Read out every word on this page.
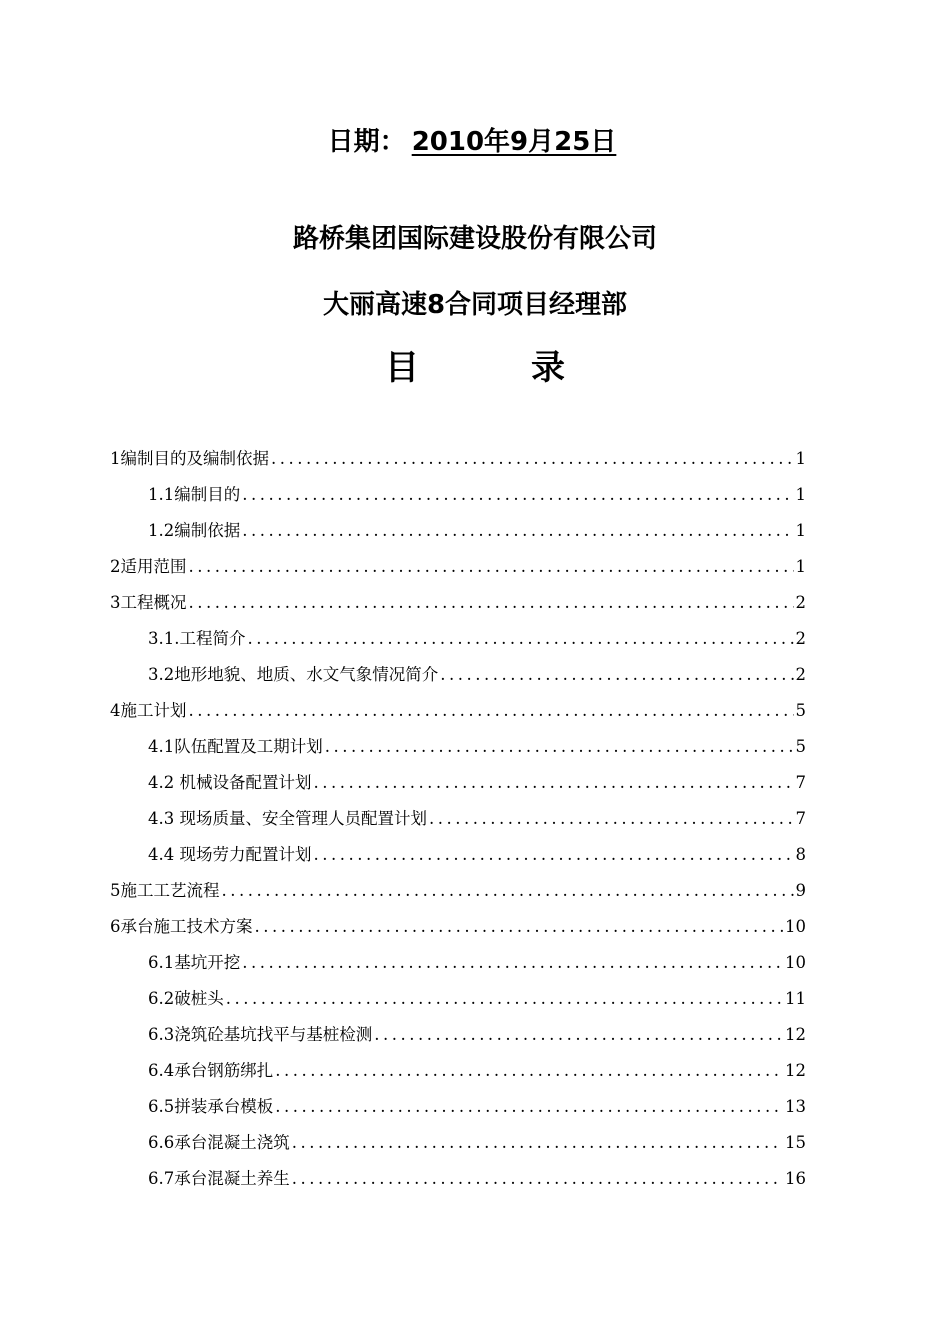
日期： 2010年9月25日
路桥集团国际建设股份有限公司
大丽高速8合同项目经理部
目	录
1编制目的及编制依据 .....	1
1.1编制目的 .....	1
1.2编制依据 .....	1
2适用范围 .....	1
3工程概况 .....	2
3.1.工程简介 .....	2
3.2地形地貌、地质、水文气象情况简介 .....	2
4施工计划 .....	5
4.1队伍配置及工期计划 .....	5
4.2 机械设备配置计划 .....	7
4.3 现场质量、安全管理人员配置计划 .....	7
4.4 现场劳力配置计划 .....	8
5施工工艺流程 .....	9
6承台施工技术方案 .....	10
6.1基坑开挖 .....	10
6.2破桩头 .....	11
6.3浇筑砼基坑找平与基桩检测 .....	12
6.4承台钢筋绑扎 .....	12
6.5拼装承台模板 .....	13
6.6承台混凝土浇筑 .....	15
6.7承台混凝土养生 .....	16
